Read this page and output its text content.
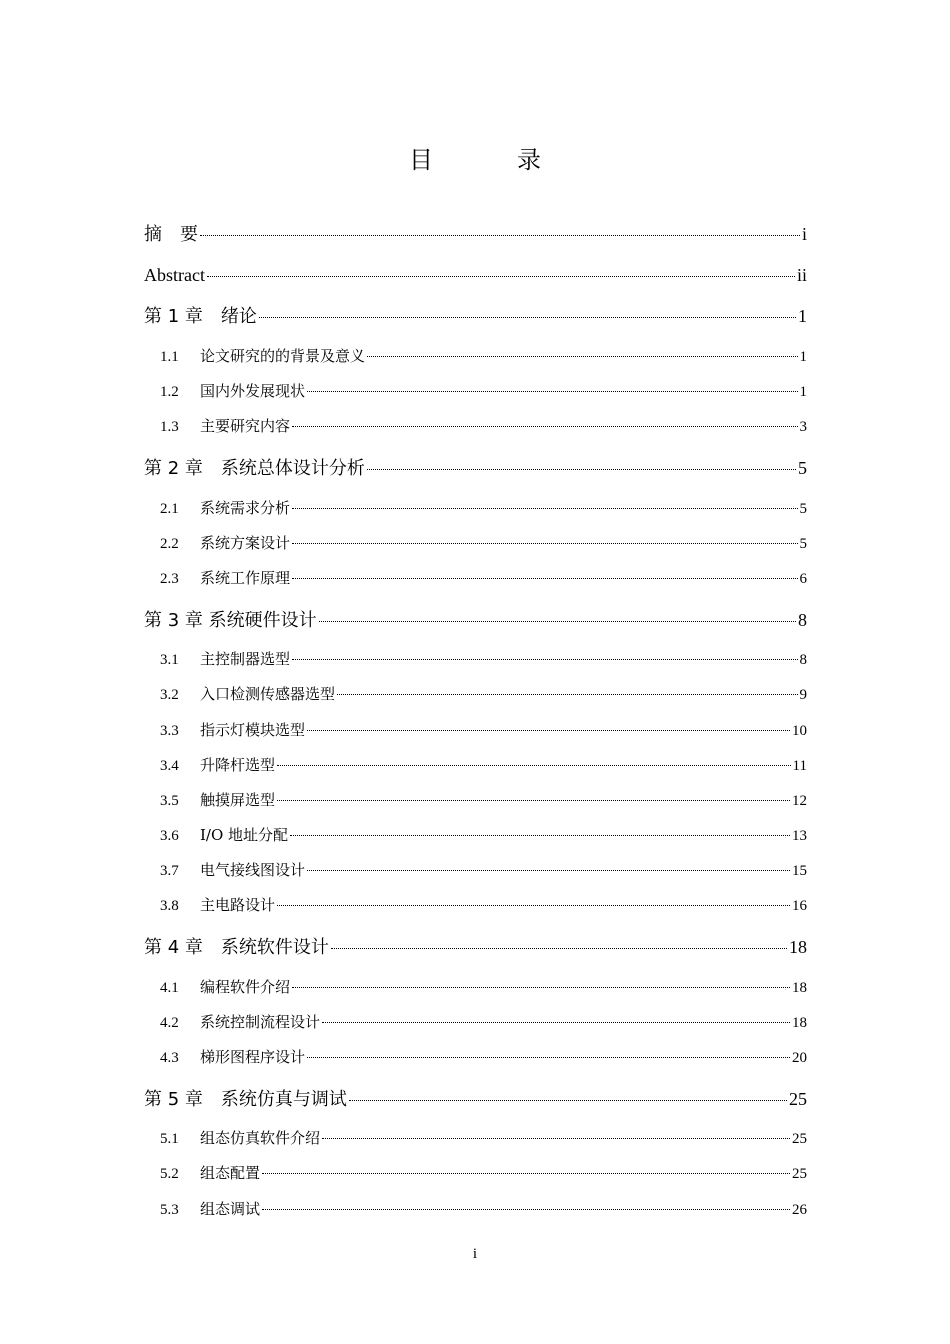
目　录
摘　要	i
Abstract	ii
第 1 章　绪论	1
1.1	论文研究的的背景及意义	1
1.2	国内外发展现状	1
1.3	主要研究内容	3
第 2 章　系统总体设计分析	5
2.1	系统需求分析	5
2.2	系统方案设计	5
2.3	系统工作原理	6
第 3 章 系统硬件设计	8
3.1	主控制器选型	8
3.2	入口检测传感器选型	9
3.3	指示灯模块选型	10
3.4	升降杆选型	11
3.5	触摸屏选型	12
3.6	I/O 地址分配	13
3.7	电气接线图设计	15
3.8	主电路设计	16
第 4 章　系统软件设计	18
4.1	编程软件介绍	18
4.2	系统控制流程设计	18
4.3	梯形图程序设计	20
第 5 章　系统仿真与调试	25
5.1	组态仿真软件介绍	25
5.2	组态配置	25
5.3	组态调试	26
i
